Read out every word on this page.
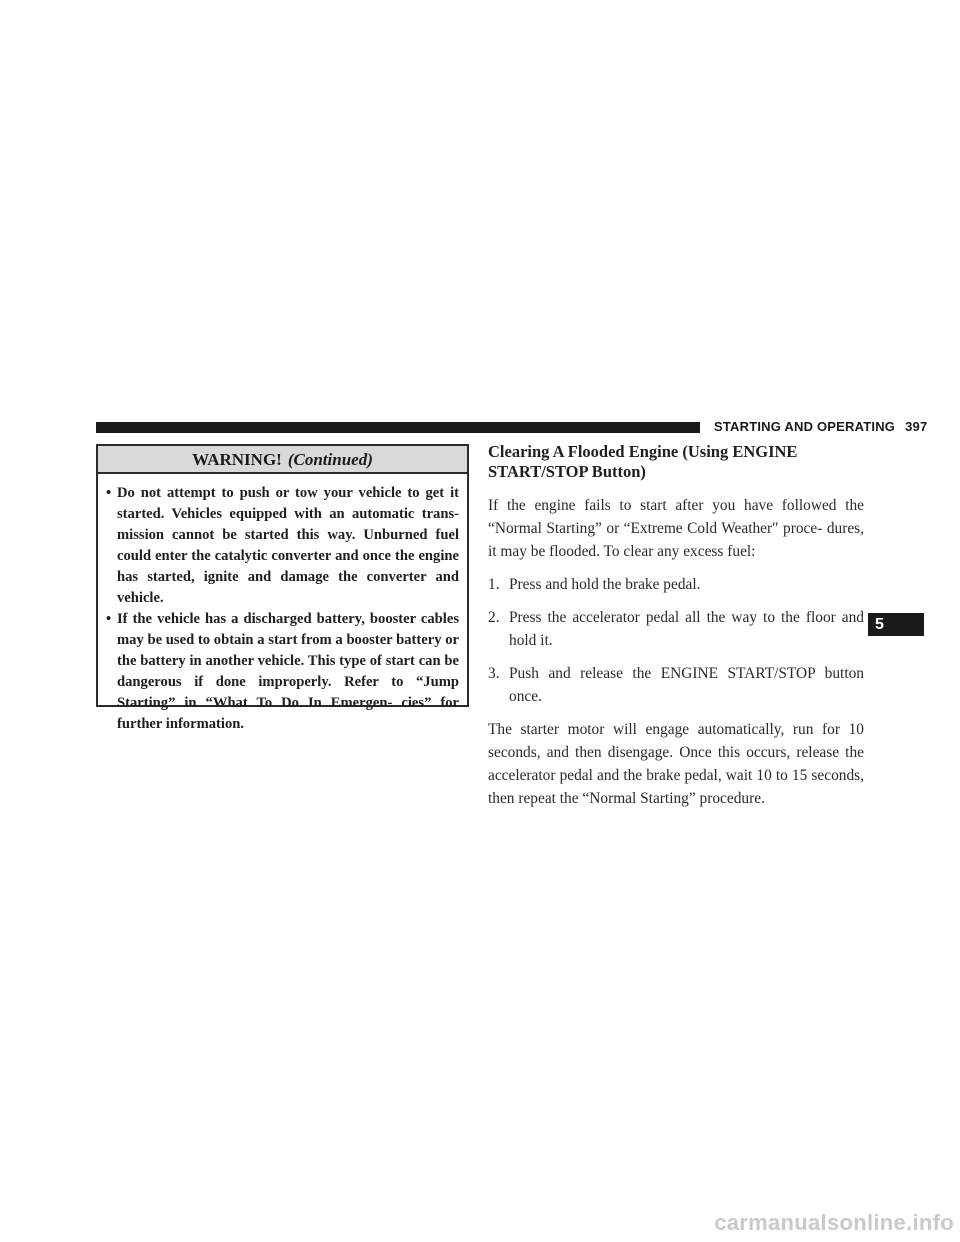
STARTING AND OPERATING 397
WARNING! (Continued)
• Do not attempt to push or tow your vehicle to get it started. Vehicles equipped with an automatic trans- mission cannot be started this way. Unburned fuel could enter the catalytic converter and once the engine has started, ignite and damage the converter and vehicle.
• If the vehicle has a discharged battery, booster cables may be used to obtain a start from a booster battery or the battery in another vehicle. This type of start can be dangerous if done improperly. Refer to “Jump Starting” in “What To Do In Emergen- cies” for further information.
Clearing A Flooded Engine (Using ENGINE START/STOP Button)

If the engine fails to start after you have followed the “Normal Starting” or “Extreme Cold Weather″ proce- dures, it may be flooded. To clear any excess fuel:

1. Press and hold the brake pedal.
2. Press the accelerator pedal all the way to the floor and hold it.
3. Push and release the ENGINE START/STOP button once.

The starter motor will engage automatically, run for 10 seconds, and then disengage. Once this occurs, release the accelerator pedal and the brake pedal, wait 10 to 15 seconds, then repeat the “Normal Starting” procedure.

5
carmanualsonline.info
